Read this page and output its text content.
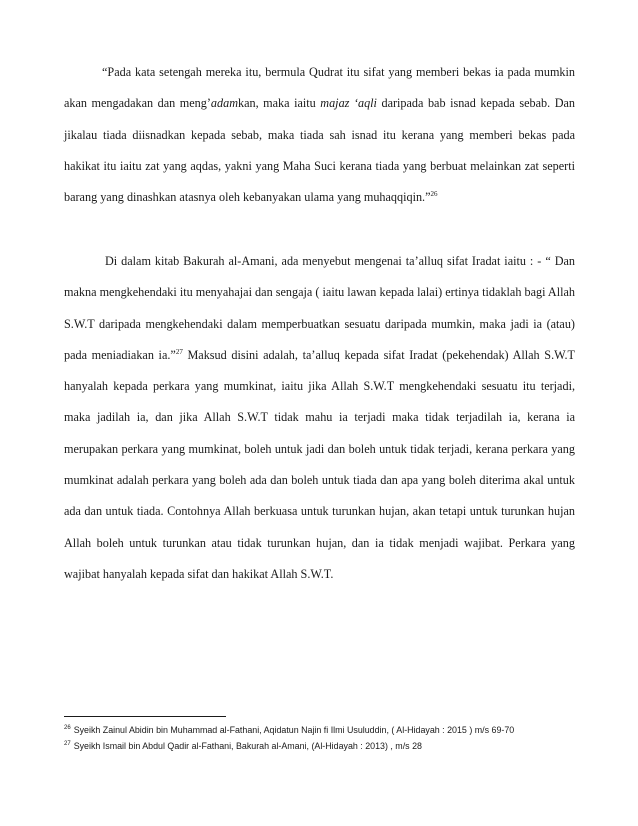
“Pada kata setengah mereka itu, bermula Qudrat itu sifat yang memberi bekas ia pada mumkin akan mengadakan dan meng’adamkan, maka iaitu majaz ‘aqli daripada bab isnad kepada sebab. Dan jikalau tiada diisnadkan kepada sebab, maka tiada sah isnad itu kerana yang memberi bekas pada hakikat itu iaitu zat yang aqdas, yakni yang Maha Suci kerana tiada yang berbuat melainkan zat seperti barang yang dinashkan atasnya oleh kebanyakan ulama yang muhaqqiqin.”$^{26}$

Di dalam kitab Bakurah al-Amani, ada menyebut mengenai ta’alluq sifat Iradat iaitu : - “ Dan makna mengkehendaki itu menyahajai dan sengaja ( iaitu lawan kepada lalai) ertinya tidaklah bagi Allah S.W.T daripada mengkehendaki dalam memperbuatkan sesuatu daripada mumkin, maka jadi ia (atau) pada meniadiakan ia.”$^{27}$ Maksud disini adalah, ta’alluq kepada sifat Iradat (pekehendak) Allah S.W.T hanyalah kepada perkara yang mumkinat, iaitu jika Allah S.W.T mengkehendaki sesuatu itu terjadi, maka jadilah ia, dan jika Allah S.W.T tidak mahu ia terjadi maka tidak terjadilah ia, kerana ia merupakan perkara yang mumkinat, boleh untuk jadi dan boleh untuk tidak terjadi, kerana perkara yang mumkinat adalah perkara yang boleh ada dan boleh untuk tiada dan apa yang boleh diterima akal untuk ada dan untuk tiada. Contohnya Allah berkuasa untuk turunkan hujan, akan tetapi untuk turunkan hujan Allah boleh untuk turunkan atau tidak turunkan hujan, dan ia tidak menjadi wajibat. Perkara yang wajibat hanyalah kepada sifat dan hakikat Allah S.W.T.

$^{26}$ Syeikh Zainul Abidin bin Muhammad al-Fathani, Aqidatun Najin fi Ilmi Usuluddin, ( Al-Hidayah : 2015 ) m/s 69-70
$^{27}$ Syeikh Ismail bin Abdul Qadir al-Fathani, Bakurah al-Amani, (Al-Hidayah : 2013) , m/s 28
